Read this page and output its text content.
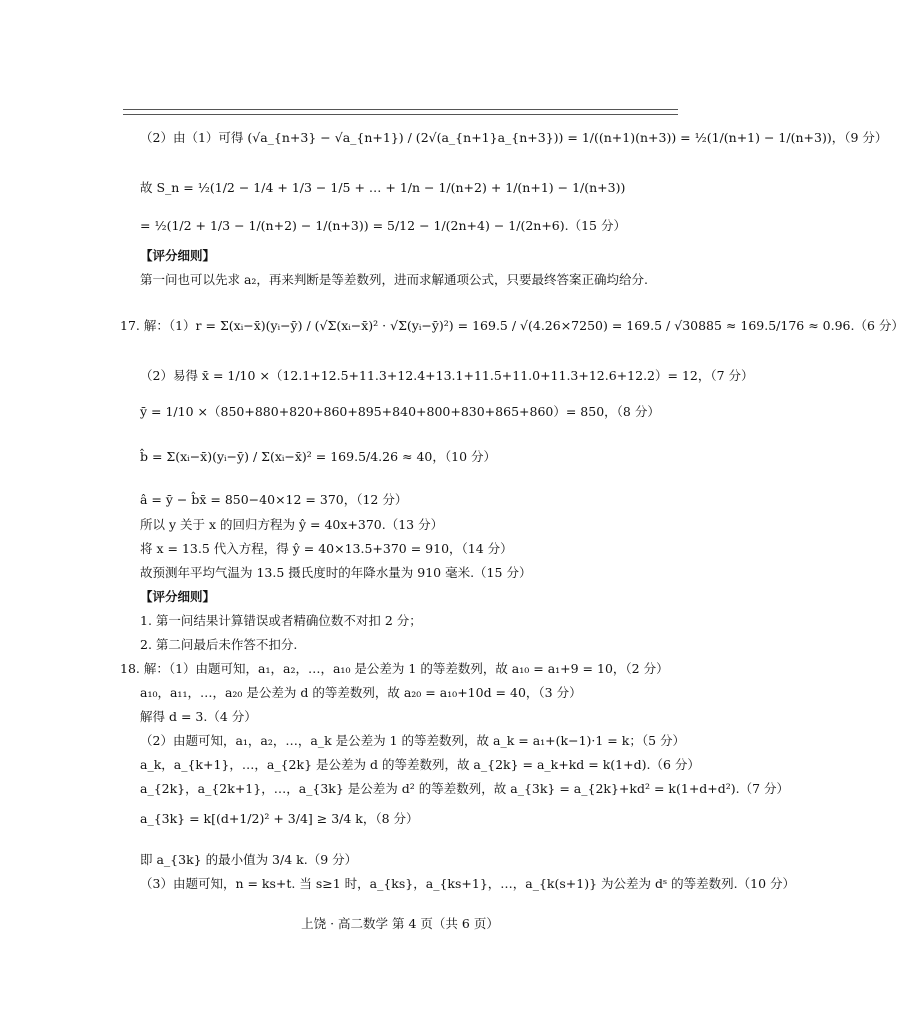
（2）由（1）可得 (√a_{n+3} − √a_{n+1}) / (2√(a_{n+1}a_{n+3})) = 1/((n+1)(n+3)) = ½(1/(n+1) − 1/(n+3))，（9 分）
故 S_n = ½(1/2 − 1/4 + 1/3 − 1/5 + … + 1/n − 1/(n+2) + 1/(n+1) − 1/(n+3))
= ½(1/2 + 1/3 − 1/(n+2) − 1/(n+3)) = 5/12 − 1/(2n+4) − 1/(2n+6).（15 分）
【评分细则】
第一问也可以先求 a₂，再来判断是等差数列，进而求解通项公式，只要最终答案正确均给分.
17. 解：（1）r = Σ(xᵢ−x̄)(yᵢ−ȳ) / (√Σ(xᵢ−x̄)² · √Σ(yᵢ−ȳ)²) = 169.5 / √(4.26×7250) = 169.5 / √30885 ≈ 169.5/176 ≈ 0.96.（6 分）
（2）易得 x̄ = 1/10 ×（12.1+12.5+11.3+12.4+13.1+11.5+11.0+11.3+12.6+12.2）= 12，（7 分）
ȳ = 1/10 ×（850+880+820+860+895+840+800+830+865+860）= 850，（8 分）
b̂ = Σ(xᵢ−x̄)(yᵢ−ȳ) / Σ(xᵢ−x̄)² = 169.5/4.26 ≈ 40，（10 分）
â = ȳ − b̂x̄ = 850−40×12 = 370，（12 分）
所以 y 关于 x 的回归方程为 ŷ = 40x+370.（13 分）
将 x = 13.5 代入方程，得 ŷ = 40×13.5+370 = 910，（14 分）
故预测年平均气温为 13.5 摄氏度时的年降水量为 910 毫米.（15 分）
【评分细则】
1. 第一问结果计算错误或者精确位数不对扣 2 分；
2. 第二问最后未作答不扣分.
18. 解：（1）由题可知，a₁，a₂，…，a₁₀ 是公差为 1 的等差数列，故 a₁₀ = a₁+9 = 10，（2 分）
a₁₀，a₁₁，…，a₂₀ 是公差为 d 的等差数列，故 a₂₀ = a₁₀+10d = 40，（3 分）
解得 d = 3.（4 分）
（2）由题可知，a₁，a₂，…，a_k 是公差为 1 的等差数列，故 a_k = a₁+(k−1)·1 = k；（5 分）
a_k，a_{k+1}，…，a_{2k} 是公差为 d 的等差数列，故 a_{2k} = a_k+kd = k(1+d).（6 分）
a_{2k}，a_{2k+1}，…，a_{3k} 是公差为 d² 的等差数列，故 a_{3k} = a_{2k}+kd² = k(1+d+d²).（7 分）
a_{3k} = k[(d+1/2)² + 3/4] ≥ 3/4 k，（8 分）
即 a_{3k} 的最小值为 3/4 k.（9 分）
（3）由题可知，n = ks+t. 当 s≥1 时，a_{ks}，a_{ks+1}，…，a_{k(s+1)} 为公差为 dˢ 的等差数列.（10 分）
上饶 · 高二数学 第 4 页（共 6 页）
